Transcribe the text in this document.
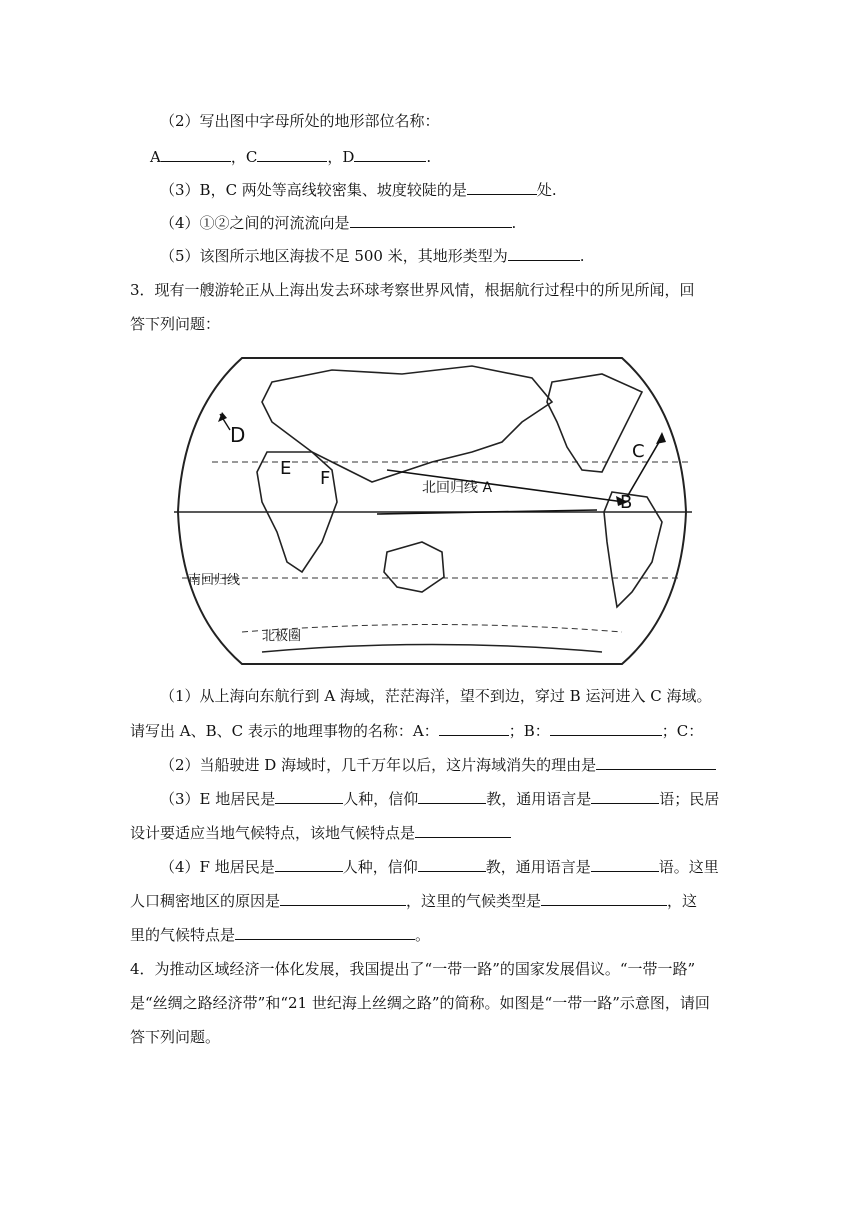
（2）写出图中字母所处的地形部位名称：
A	，C	，D	.
（3）B，C 两处等高线较密集、坡度较陡的是	处.
（4）①②之间的河流流向是	.
（5）该图所示地区海拔不足 500 米，其地形类型为	.
3．现有一艘游轮正从上海出发去环球考察世界风情，根据航行过程中的所见所闻，回
答下列问题：
D
E F	北回归线 A
B
C
南回归线
北极圈
（1）从上海向东航行到 A 海域，茫茫海洋，望不到边，穿过 B 运河进入 C 海域。
请写出 A、B、C 表示的地理事物的名称：A：	；B：	；C：
（2）当船驶进 D 海域时，几千万年以后，这片海域消失的理由是
（3）E 地居民是	人种，信仰	教，通用语言是	语；民居
设计要适应当地气候特点，该地气候特点是
（4）F 地居民是	人种，信仰	教，通用语言是	语。这里
人口稠密地区的原因是	，这里的气候类型是	，这
里的气候特点是	。
4．为推动区域经济一体化发展，我国提出了“一带一路”的国家发展倡议。“一带一路”
是“丝绸之路经济带”和“21 世纪海上丝绸之路”的简称。如图是“一带一路”示意图，请回
答下列问题。
